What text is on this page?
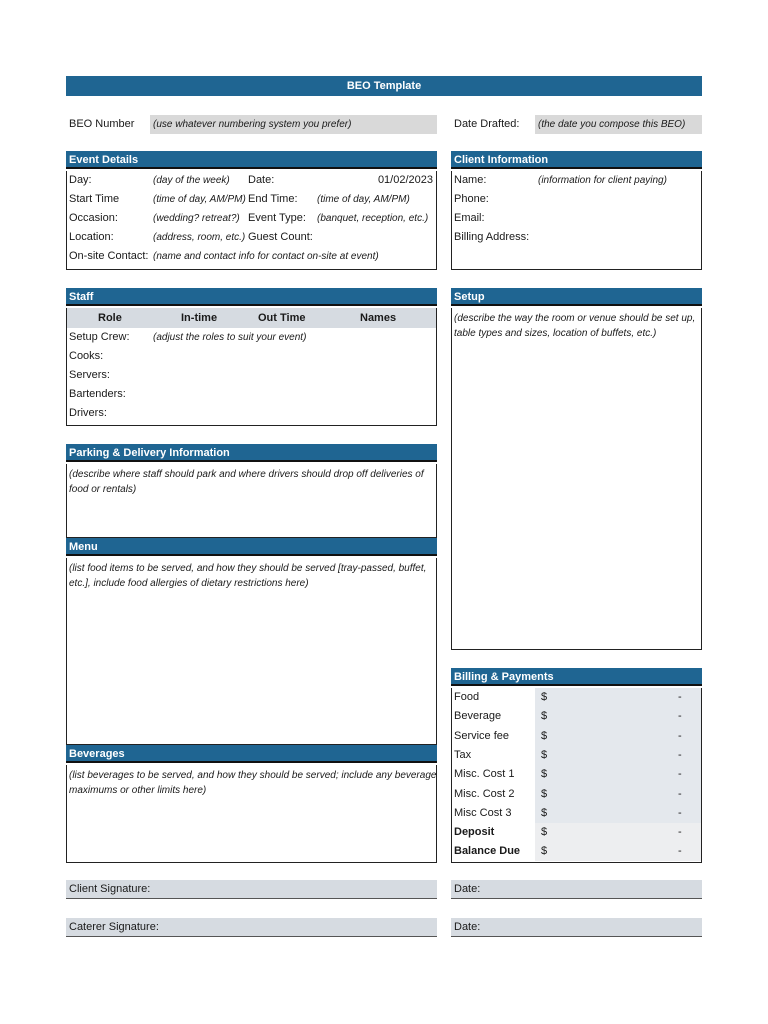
BEO Template
BEO Number	(use whatever numbering system you prefer)	Date Drafted:	(the date you compose this BEO)
Event Details
Day:	(day of the week) Date:	01/02/2023
Start Time	(time of day, AM/PM) End Time: (time of day, AM/PM)
Occasion:	(wedding? retreat?) Event Type: (banquet, reception, etc.)
Location:	(address, room, etc.) Guest Count:
On-site Contact: (name and contact info for contact on-site at event)
Client Information
Name:	(information for client paying)
Phone:
Email:
Billing Address:
Staff
Role	In-time	Out Time	Names
Setup Crew: (adjust the roles to suit your event)
Cooks:
Servers:
Bartenders:
Drivers:
Setup
(describe the way the room or venue should be set up,
table types and sizes, location of buffets, etc.)
Parking & Delivery Information
(describe where staff should park and where drivers should drop off deliveries of
food or rentals)
Menu
(list food items to be served, and how they should be served [tray-passed, buffet,
etc.], include food allergies of dietary restrictions here)
Beverages
(list beverages to be served, and how they should be served; include any beverage
maximums or other limits here)
Billing & Payments
Food	$	-
Beverage	$	-
Service fee	$	-
Tax	$	-
Misc. Cost 1 $	-
Misc. Cost 2 $	-
Misc Cost 3	$	-
Deposit	$	-
Balance Due $	-
Client Signature:	Date:
Caterer Signature:	Date:
